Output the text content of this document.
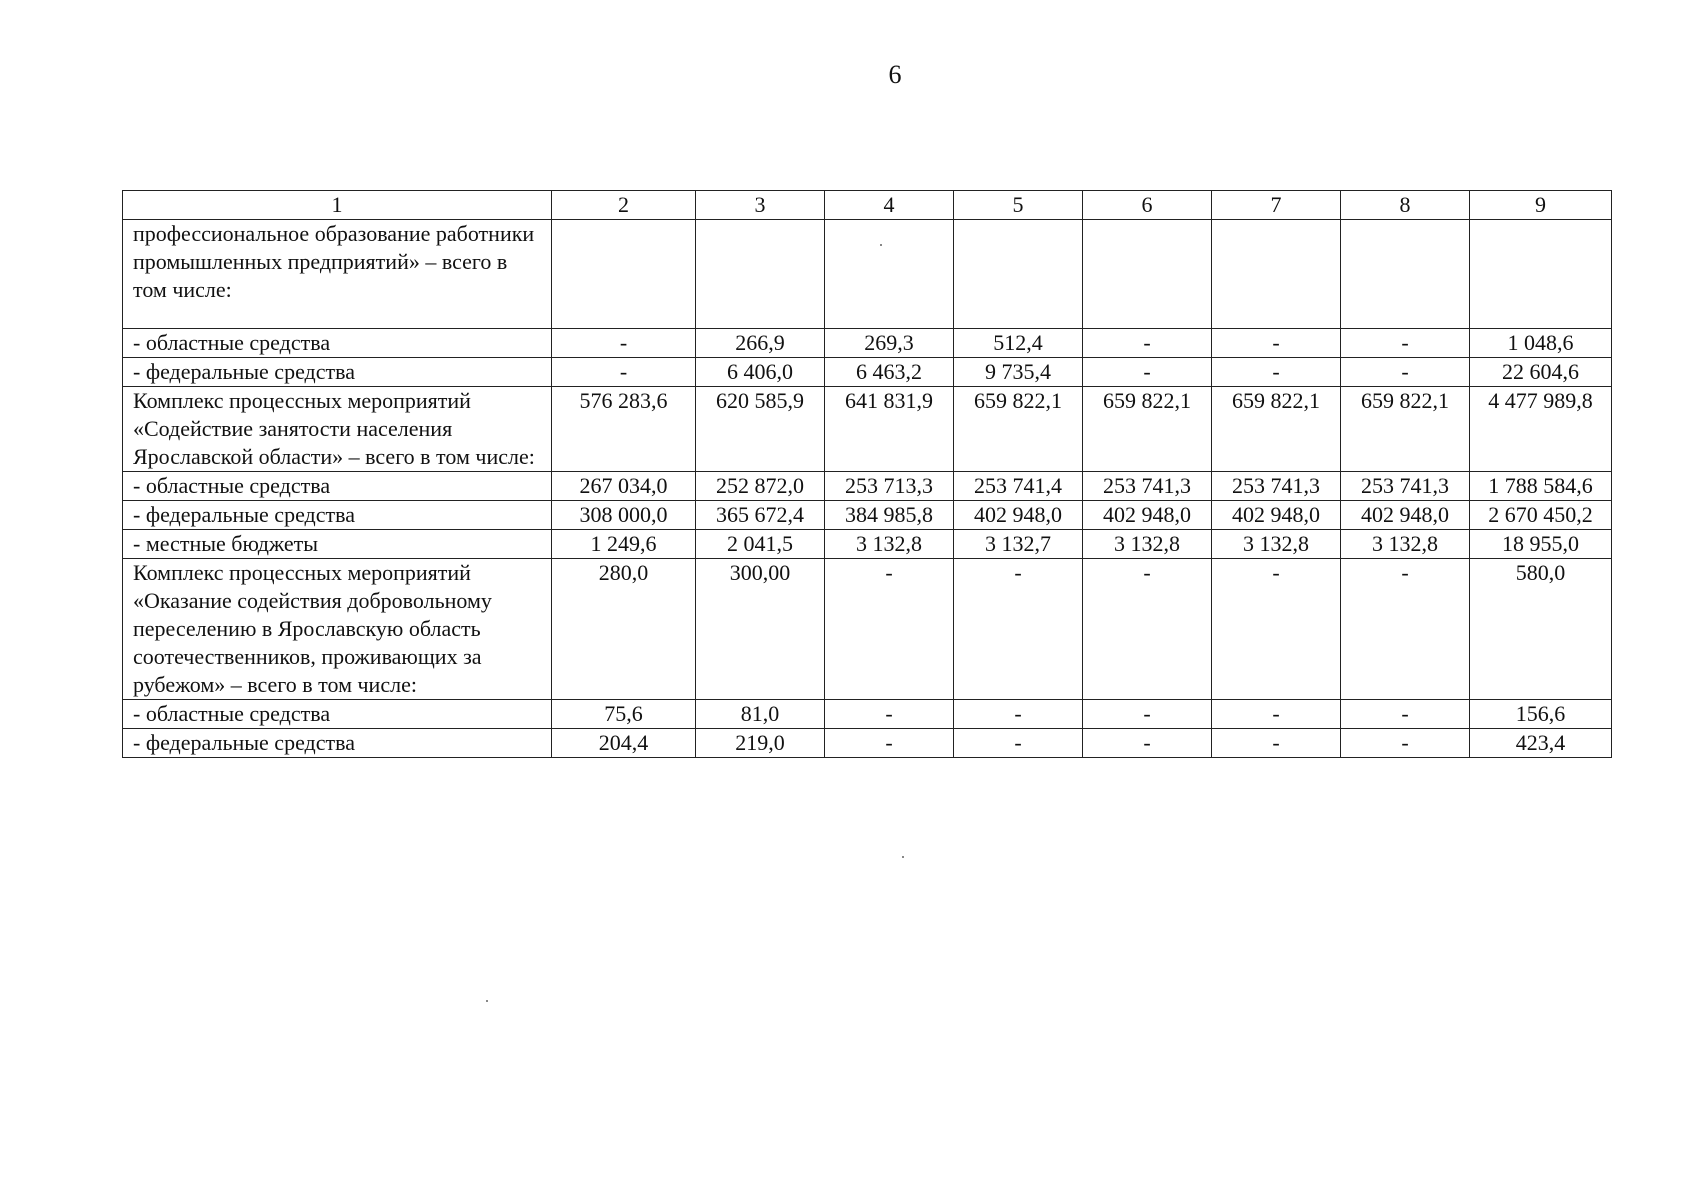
6
1	2	3	4	5	6	7	8	9
профессиональное образование работники промышленных предприятий» – всего в том числе:								
- областные средства	-	266,9	269,3	512,4	-	-	-	1 048,6
- федеральные средства	-	6 406,0	6 463,2	9 735,4	-	-	-	22 604,6
Комплекс процессных мероприятий «Содействие занятости населения Ярославской области» – всего в том числе:	576 283,6	620 585,9	641 831,9	659 822,1	659 822,1	659 822,1	659 822,1	4 477 989,8
- областные средства	267 034,0	252 872,0	253 713,3	253 741,4	253 741,3	253 741,3	253 741,3	1 788 584,6
- федеральные средства	308 000,0	365 672,4	384 985,8	402 948,0	402 948,0	402 948,0	402 948,0	2 670 450,2
- местные бюджеты	1 249,6	2 041,5	3 132,8	3 132,7	3 132,8	3 132,8	3 132,8	18 955,0
Комплекс процессных мероприятий «Оказание содействия добровольному переселению в Ярославскую область соотечественников, проживающих за рубежом» – всего в том числе:	280,0	300,00	-	-	-	-	-	580,0
- областные средства	75,6	81,0	-	-	-	-	-	156,6
- федеральные средства	204,4	219,0	-	-	-	-	-	423,4
